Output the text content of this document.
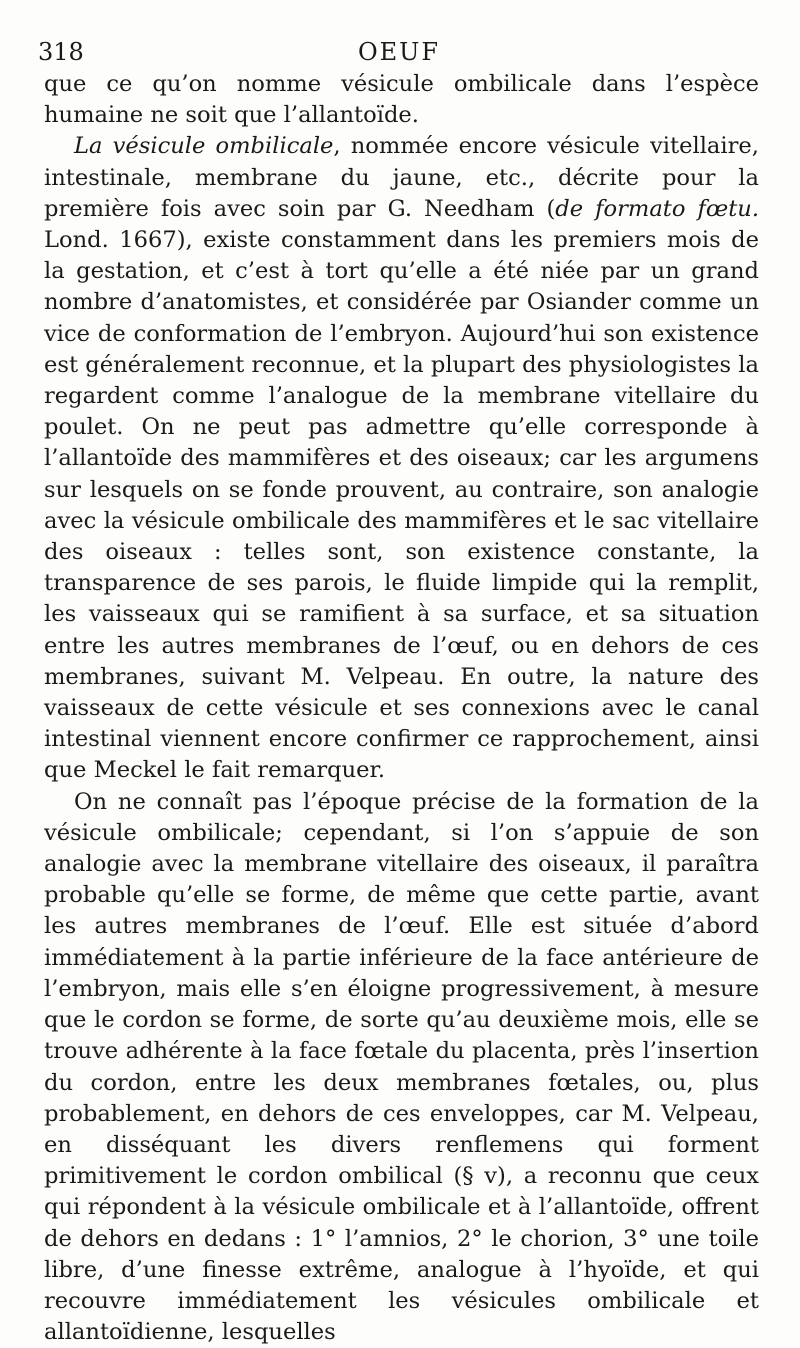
318	OEUF

que ce qu’on nomme vésicule ombilicale dans l’espèce humaine ne soit que l’allantoïde.

La vésicule ombilicale, nommée encore vésicule vitellaire, intestinale, membrane du jaune, etc., décrite pour la première fois avec soin par G. Needham (de formato fœtu. Lond. 1667), existe constamment dans les premiers mois de la gestation, et c’est à tort qu’elle a été niée par un grand nombre d’anatomistes, et considérée par Osiander comme un vice de conformation de l’embryon. Aujourd’hui son existence est généralement reconnue, et la plupart des physiologistes la regardent comme l’analogue de la membrane vitellaire du poulet. On ne peut pas admettre qu’elle corresponde à l’allantoïde des mammifères et des oiseaux; car les argumens sur lesquels on se fonde prouvent, au contraire, son analogie avec la vésicule ombilicale des mammifères et le sac vitellaire des oiseaux : telles sont, son existence constante, la transparence de ses parois, le fluide limpide qui la remplit, les vaisseaux qui se ramifient à sa surface, et sa situation entre les autres membranes de l’œuf, ou en dehors de ces membranes, suivant M. Velpeau. En outre, la nature des vaisseaux de cette vésicule et ses connexions avec le canal intestinal viennent encore confirmer ce rapprochement, ainsi que Meckel le fait remarquer.

On ne connaît pas l’époque précise de la formation de la vésicule ombilicale; cependant, si l’on s’appuie de son analogie avec la membrane vitellaire des oiseaux, il paraîtra probable qu’elle se forme, de même que cette partie, avant les autres membranes de l’œuf. Elle est située d’abord immédiatement à la partie inférieure de la face antérieure de l’embryon, mais elle s’en éloigne progressivement, à mesure que le cordon se forme, de sorte qu’au deuxième mois, elle se trouve adhérente à la face fœtale du placenta, près l’insertion du cordon, entre les deux membranes fœtales, ou, plus probablement, en dehors de ces enveloppes, car M. Velpeau, en disséquant les divers renflemens qui forment primitivement le cordon ombilical (§ v), a reconnu que ceux qui répondent à la vésicule ombilicale et à l’allantoïde, offrent de dehors en dedans : 1° l’amnios, 2° le chorion, 3° une toile libre, d’une finesse extrême, analogue à l’hyoïde, et qui recouvre immédiatement les vésicules ombilicale et allantoïdienne, lesquelles
